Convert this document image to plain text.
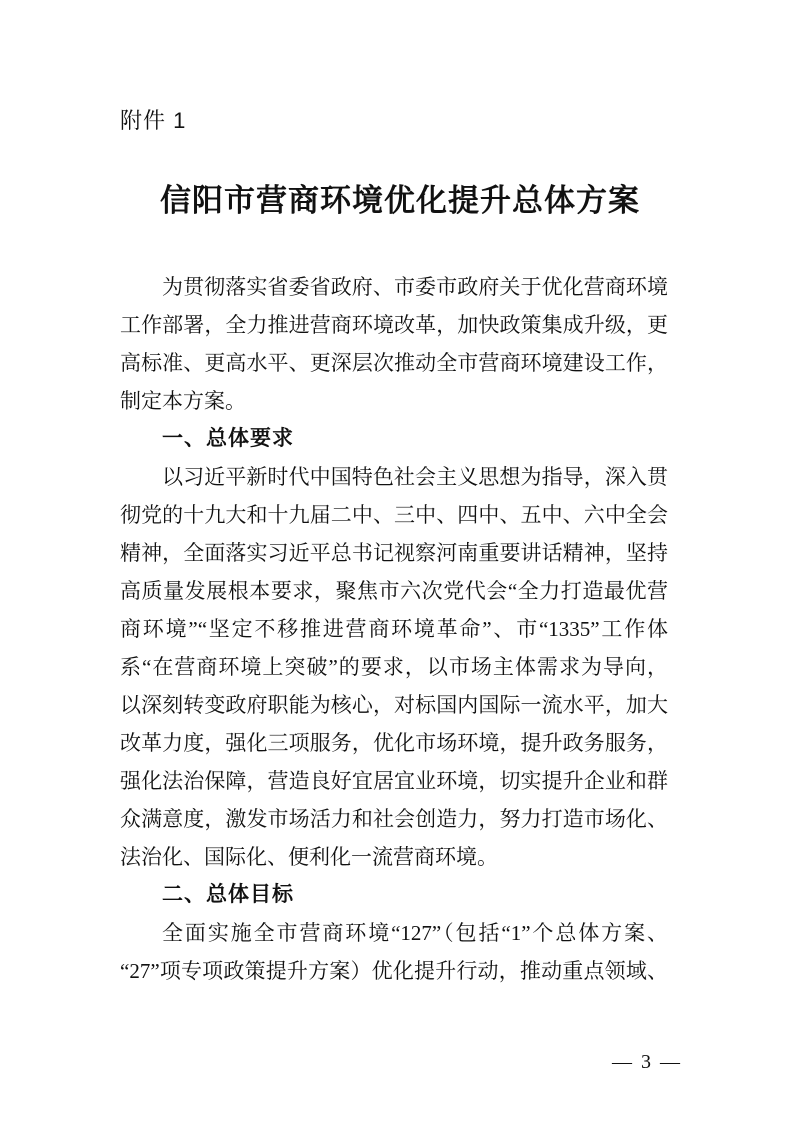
附件 1
信阳市营商环境优化提升总体方案
为贯彻落实省委省政府、市委市政府关于优化营商环境
工作部署，全力推进营商环境改革，加快政策集成升级，更
高标准、更高水平、更深层次推动全市营商环境建设工作，
制定本方案。
一、总体要求
以习近平新时代中国特色社会主义思想为指导，深入贯
彻党的十九大和十九届二中、三中、四中、五中、六中全会
精神，全面落实习近平总书记视察河南重要讲话精神，坚持
高质量发展根本要求，聚焦市六次党代会“全力打造最优营
商环境”“坚定不移推进营商环境革命”、市“1335”工作体
系“在营商环境上突破”的要求，以市场主体需求为导向，
以深刻转变政府职能为核心，对标国内国际一流水平，加大
改革力度，强化三项服务，优化市场环境，提升政务服务，
强化法治保障，营造良好宜居宜业环境，切实提升企业和群
众满意度，激发市场活力和社会创造力，努力打造市场化、
法治化、国际化、便利化一流营商环境。
二、总体目标
全面实施全市营商环境“127”（包括“1”个总体方案、
“27”项专项政策提升方案）优化提升行动，推动重点领域、
— 3 —
